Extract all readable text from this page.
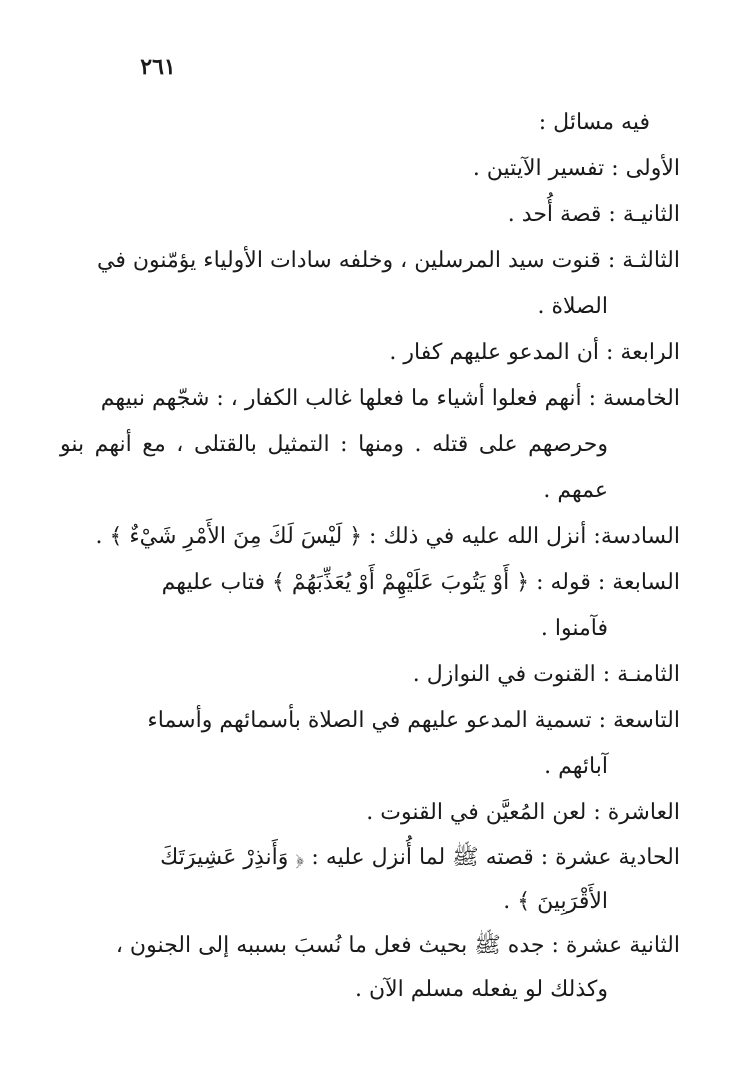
٢٦١
فيه مسائل :
الأولى : تفسير الآيتين .
الثانيـة : قصة أُحد .
الثالثـة : قنوت سيد المرسلين ، وخلفه سادات الأولياء يؤمّنون في
الصلاة .
الرابعة : أن المدعو عليهم كفار .
الخامسة : أنهم فعلوا أشياء ما فعلها غالب الكفار ، : شجّهم نبيهم
وحرصهم على قتله . ومنها : التمثيل بالقتلى ، مع أنهم بنو عمهم .
السادسة: أنزل الله عليه في ذلك : ﴿ لَيْسَ لَكَ مِنَ الأَمْرِ شَيْءٌ ﴾ .
السابعة : قوله : ﴿ أَوْ يَتُوبَ عَلَيْهِمْ أَوْ يُعَذِّبَهُمْ ﴾ فتاب عليهم
فآمنوا .
الثامنـة : القنوت في النوازل .
التاسعة : تسمية المدعو عليهم في الصلاة بأسمائهم وأسماء
آبائهم .
العاشرة : لعن المُعيَّن في القنوت .
الحادية عشرة : قصته ﷺ لما أُنزل عليه : ﴿ وَأَنذِرْ عَشِيرَتَكَ
الأَقْرَبِينَ ﴾ .
الثانية عشرة : جده ﷺ بحيث فعل ما نُسبَ بسببه إلى الجنون ،
وكذلك لو يفعله مسلم الآن .
